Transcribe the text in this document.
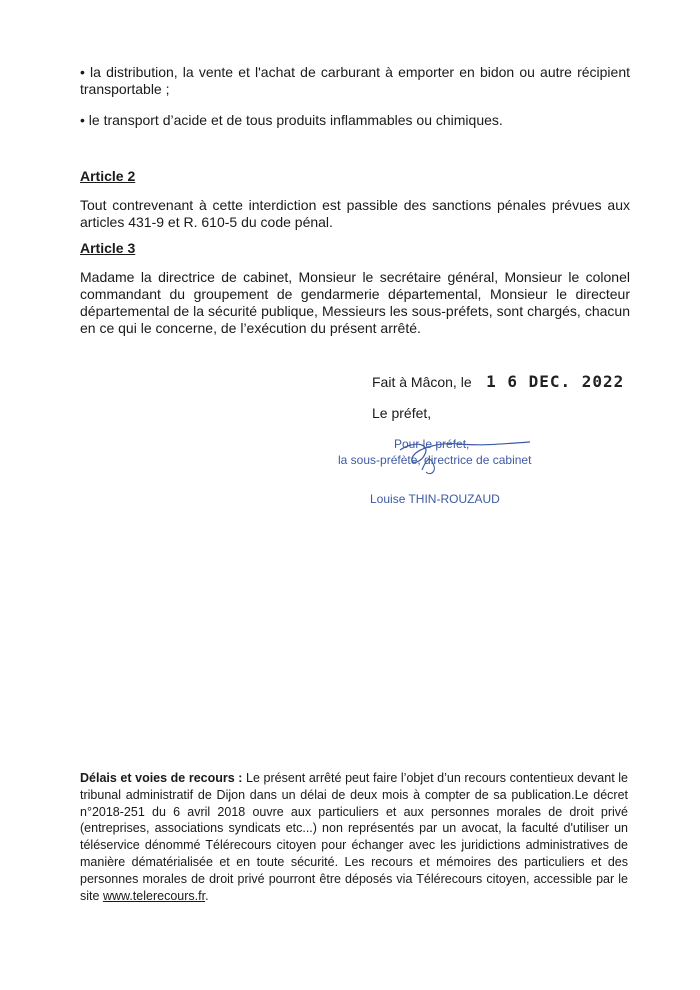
• la distribution, la vente et l'achat de carburant à emporter en bidon ou autre récipient transportable ;

• le transport d’acide et de tous produits inflammables ou chimiques.

Article 2

Tout contrevenant à cette interdiction est passible des sanctions pénales prévues aux articles 431-9 et R. 610-5 du code pénal.

Article 3

Madame la directrice de cabinet, Monsieur le secrétaire général, Monsieur le colonel commandant du groupement de gendarmerie départemental, Monsieur le directeur départemental de la sécurité publique, Messieurs les sous-préfets, sont chargés, chacun en ce qui le concerne, de l’exécution du présent arrêté.

Fait à Mâcon, le 1 6 DEC. 2022
Le préfet,
Pour le préfet,
la sous-préfète, directrice de cabinet
Louise THIN-ROUZAUD
Délais et voies de recours : Le présent arrêté peut faire l’objet d’un recours contentieux devant le tribunal administratif de Dijon dans un délai de deux mois à compter de sa publication.Le décret n°2018-251 du 6 avril 2018 ouvre aux particuliers et aux personnes morales de droit privé (entreprises, associations syndicats etc...) non représentés par un avocat, la faculté d'utiliser un téléservice dénommé Télérecours citoyen pour échanger avec les juridictions administratives de manière dématérialisée et en toute sécurité. Les recours et mémoires des particuliers et des personnes morales de droit privé pourront être déposés via Télérecours citoyen, accessible par le site www.telerecours.fr.
